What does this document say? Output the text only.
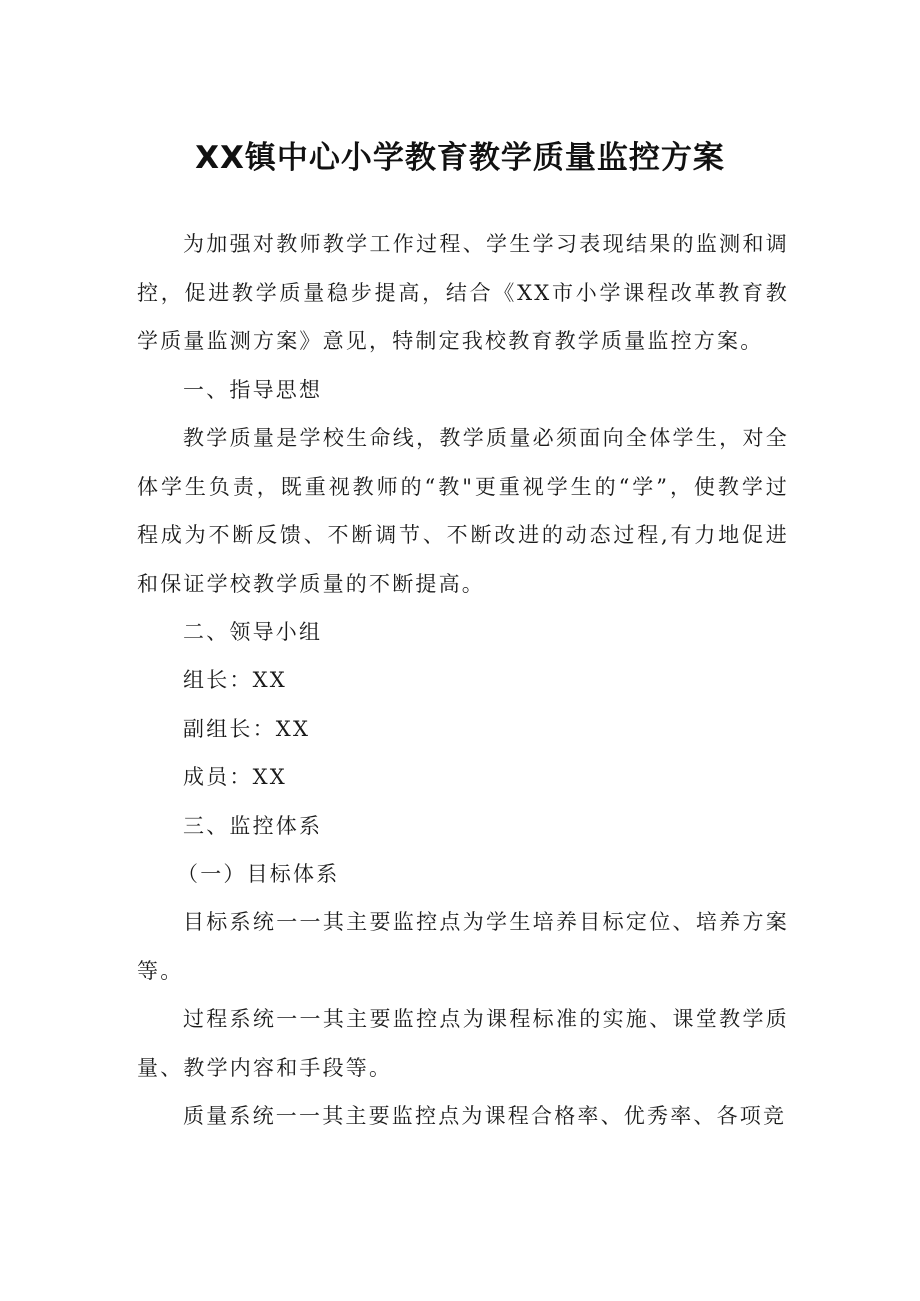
XX镇中心小学教育教学质量监控方案

为加强对教师教学工作过程、学生学习表现结果的监测和调控，促进教学质量稳步提高，结合《XX市小学课程改革教育教学质量监测方案》意见，特制定我校教育教学质量监控方案。

一、指导思想

教学质量是学校生命线，教学质量必须面向全体学生，对全体学生负责，既重视教师的“教"更重视学生的“学”，使教学过程成为不断反馈、不断调节、不断改进的动态过程,有力地促进和保证学校教学质量的不断提高。

二、领导小组

组长：XX

副组长：XX

成员：XX

三、监控体系

（一）目标体系

目标系统一一其主要监控点为学生培养目标定位、培养方案等。

过程系统一一其主要监控点为课程标准的实施、课堂教学质量、教学内容和手段等。

质量系统一一其主要监控点为课程合格率、优秀率、各项竞
